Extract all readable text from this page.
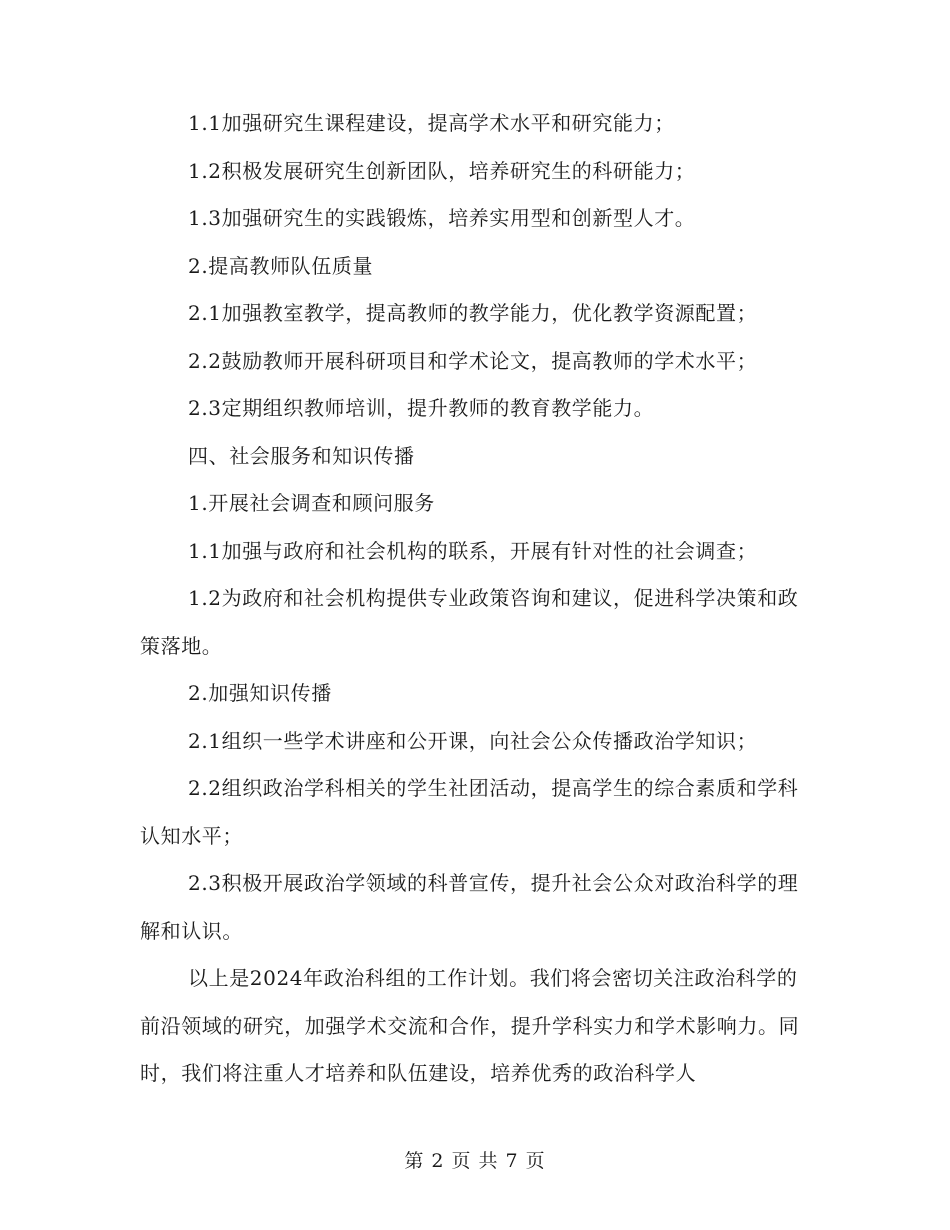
1.1加强研究生课程建设，提高学术水平和研究能力；

1.2积极发展研究生创新团队，培养研究生的科研能力；

1.3加强研究生的实践锻炼，培养实用型和创新型人才。

2.提高教师队伍质量

2.1加强教室教学，提高教师的教学能力，优化教学资源配置；

2.2鼓励教师开展科研项目和学术论文，提高教师的学术水平；

2.3定期组织教师培训，提升教师的教育教学能力。

四、社会服务和知识传播

1.开展社会调查和顾问服务

1.1加强与政府和社会机构的联系，开展有针对性的社会调查；

1.2为政府和社会机构提供专业政策咨询和建议，促进科学决策和政策落地。

2.加强知识传播

2.1组织一些学术讲座和公开课，向社会公众传播政治学知识；

2.2组织政治学科相关的学生社团活动，提高学生的综合素质和学科认知水平；

2.3积极开展政治学领域的科普宣传，提升社会公众对政治科学的理解和认识。

以上是2024年政治科组的工作计划。我们将会密切关注政治科学的前沿领域的研究，加强学术交流和合作，提升学科实力和学术影响力。同时，我们将注重人才培养和队伍建设，培养优秀的政治科学人

第 2 页 共 7 页
